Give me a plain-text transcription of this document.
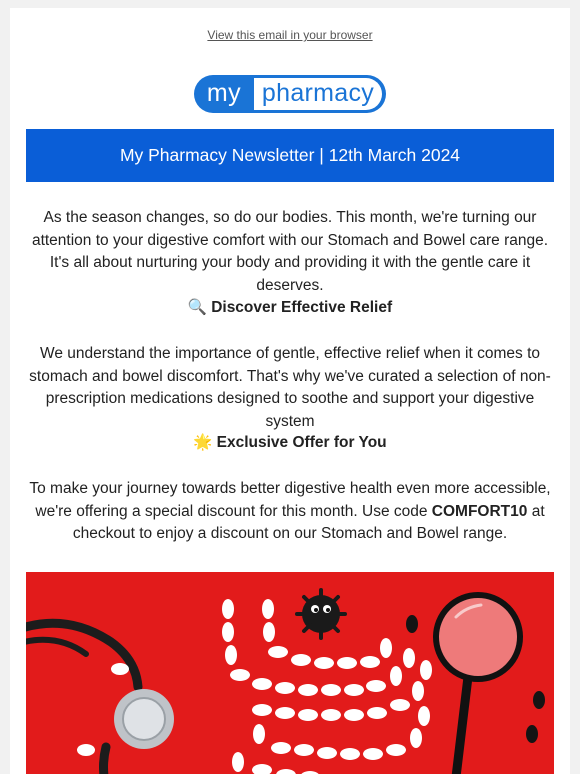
View this email in your browser
my pharmacy
My Pharmacy Newsletter | 12th March 2024

As the season changes, so do our bodies. This month, we're turning our attention to your digestive comfort with our Stomach and Bowel care range. It's all about nurturing your body and providing it with the gentle care it deserves.

🔍 Discover Effective Relief

We understand the importance of gentle, effective relief when it comes to stomach and bowel discomfort. That's why we've curated a selection of non-prescription medications designed to soothe and support your digestive system

🌟 Exclusive Offer for You

To make your journey towards better digestive health even more accessible, we're offering a special discount for this month. Use code COMFORT10 at checkout to enjoy a discount on our Stomach and Bowel range.
